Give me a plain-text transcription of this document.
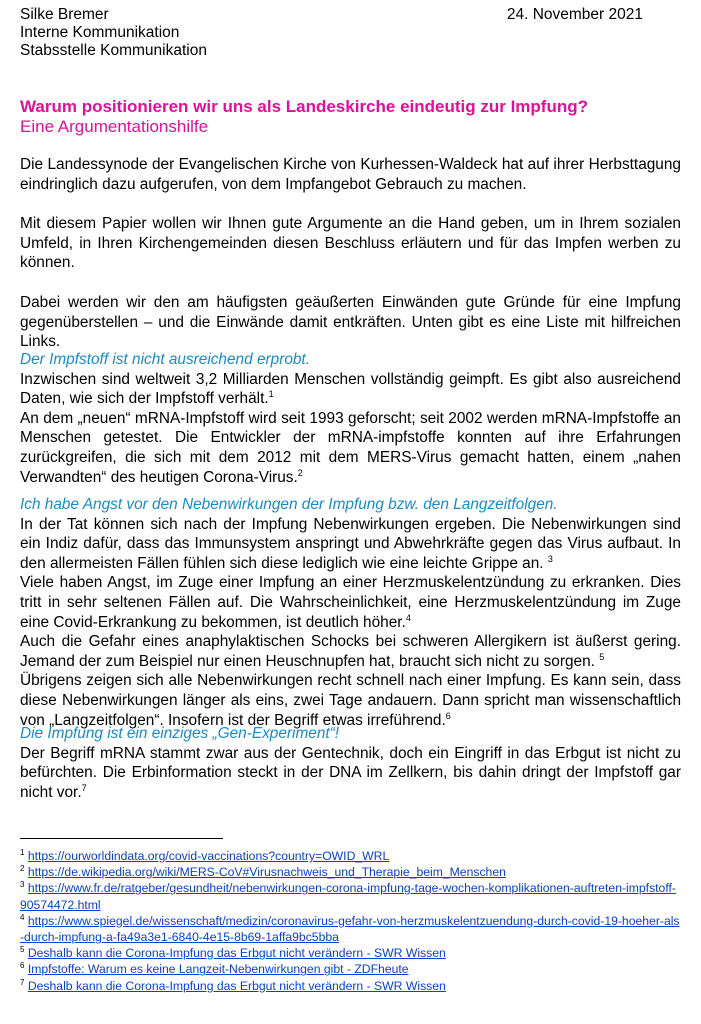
Silke Bremer
Interne Kommunikation
Stabsstelle Kommunikation
24. November 2021
Warum positionieren wir uns als Landeskirche eindeutig zur Impfung?
Eine Argumentationshilfe

Die Landessynode der Evangelischen Kirche von Kurhessen-Waldeck hat auf ihrer Herbsttagung eindringlich dazu aufgerufen, von dem Impfangebot Gebrauch zu machen.

Mit diesem Papier wollen wir Ihnen gute Argumente an die Hand geben, um in Ihrem sozialen Umfeld, in Ihren Kirchengemeinden diesen Beschluss erläutern und für das Impfen werben zu können.

Dabei werden wir den am häufigsten geäußerten Einwänden gute Gründe für eine Impfung gegenüberstellen – und die Einwände damit entkräften. Unten gibt es eine Liste mit hilfreichen Links.

Der Impfstoff ist nicht ausreichend erprobt.

Inzwischen sind weltweit 3,2 Milliarden Menschen vollständig geimpft. Es gibt also ausreichend Daten, wie sich der Impfstoff verhält.$^1$

An dem „neuen“ mRNA-Impfstoff wird seit 1993 geforscht; seit 2002 werden mRNA-Impfstoffe an Menschen getestet. Die Entwickler der mRNA-impfstoffe konnten auf ihre Erfahrungen zurückgreifen, die sich mit dem 2012 mit dem MERS-Virus gemacht hatten, einem „nahen Verwandten“ des heutigen Corona-Virus.$^2$

Ich habe Angst vor den Nebenwirkungen der Impfung bzw. den Langzeitfolgen.

In der Tat können sich nach der Impfung Nebenwirkungen ergeben. Die Nebenwirkungen sind ein Indiz dafür, dass das Immunsystem anspringt und Abwehrkräfte gegen das Virus aufbaut. In den allermeisten Fällen fühlen sich diese lediglich wie eine leichte Grippe an. $^3$

Viele haben Angst, im Zuge einer Impfung an einer Herzmuskelentzündung zu erkranken. Dies tritt in sehr seltenen Fällen auf. Die Wahrscheinlichkeit, eine Herzmuskelentzündung im Zuge eine Covid-Erkrankung zu bekommen, ist deutlich höher.$^4$

Auch die Gefahr eines anaphylaktischen Schocks bei schweren Allergikern ist äußerst gering. Jemand der zum Beispiel nur einen Heuschnupfen hat, braucht sich nicht zu sorgen. $^5$

Übrigens zeigen sich alle Nebenwirkungen recht schnell nach einer Impfung. Es kann sein, dass diese Nebenwirkungen länger als eins, zwei Tage andauern. Dann spricht man wissenschaftlich von „Langzeitfolgen“. Insofern ist der Begriff etwas irreführend.$^6$

Die Impfung ist ein einziges „Gen-Experiment“!

Der Begriff mRNA stammt zwar aus der Gentechnik, doch ein Eingriff in das Erbgut ist nicht zu befürchten. Die Erbinformation steckt in der DNA im Zellkern, bis dahin dringt der Impfstoff gar nicht vor.$^7$

$^1$ https://ourworldindata.org/covid-vaccinations?country=OWID_WRL

$^2$ https://de.wikipedia.org/wiki/MERS-CoV#Virusnachweis_und_Therapie_beim_Menschen

$^3$ https://www.fr.de/ratgeber/gesundheit/nebenwirkungen-corona-impfung-tage-wochen-komplikationen-auftreten-impfstoff-90574472.html

$^4$ https://www.spiegel.de/wissenschaft/medizin/coronavirus-gefahr-von-herzmuskelentzuendung-durch-covid-19-hoeher-als-durch-impfung-a-fa49a3e1-6840-4e15-8b69-1affa9bc5bba

$^5$ Deshalb kann die Corona-Impfung das Erbgut nicht verändern - SWR Wissen

$^6$ Impfstoffe: Warum es keine Langzeit-Nebenwirkungen gibt - ZDFheute

$^7$ Deshalb kann die Corona-Impfung das Erbgut nicht verändern - SWR Wissen
